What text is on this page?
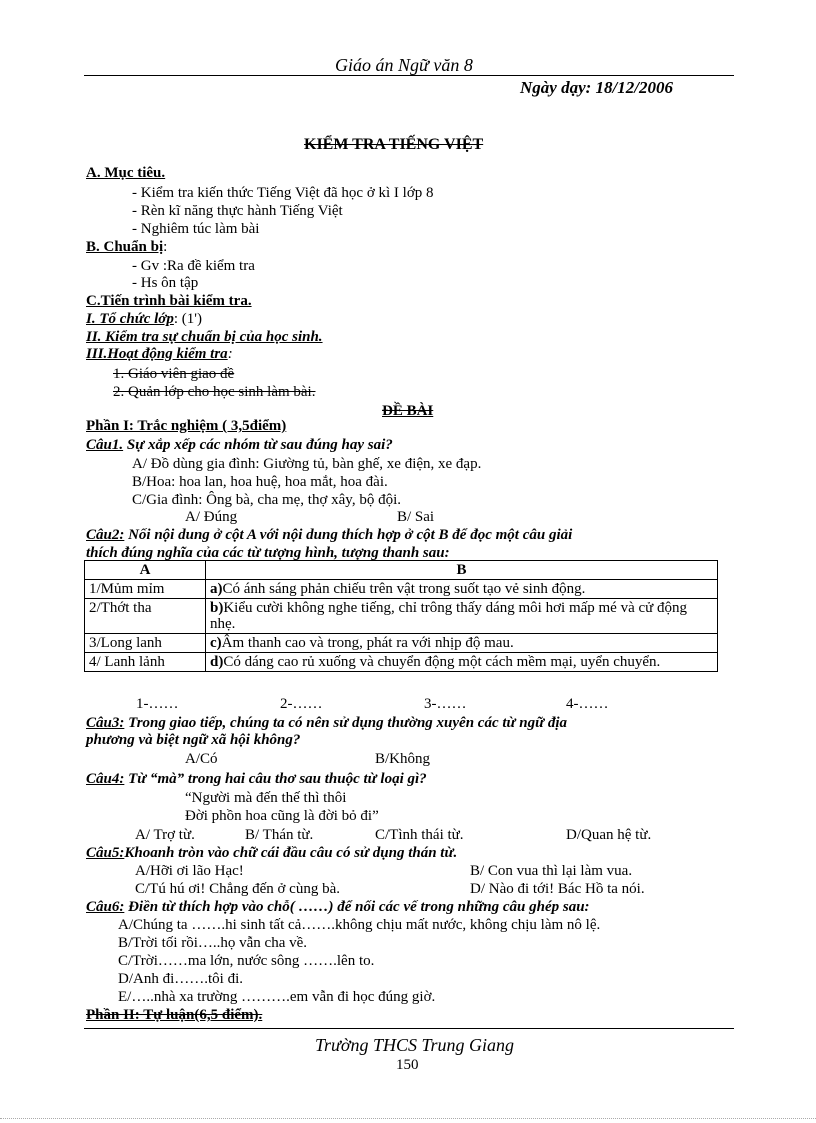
Giáo án Ngữ văn 8
Ngày dạy: 18/12/2006
KIỂM TRA TIẾNG VIỆT
A. Mục tiêu.
- Kiểm tra kiến thức Tiếng Việt đã học ở kì I lớp 8
- Rèn kĩ năng thực hành Tiếng Việt
- Nghiêm túc làm bài
B. Chuẩn bị:
- Gv :Ra đề kiểm tra
- Hs ôn tập
C.Tiến trình bài kiểm tra.
I. Tổ chức lớp: (1')
II. Kiểm tra sự chuẩn bị của học sinh.
III.Hoạt động kiểm tra:
1. Giáo viên giao đề
2. Quản lớp cho học sinh làm bài.
ĐỀ BÀI
Phần I: Trắc nghiệm ( 3,5điểm)
Câu1. Sự xắp xếp các nhóm từ sau đúng hay sai?
A/ Đồ dùng gia đình: Giường tủ, bàn ghế, xe điện, xe đạp.
B/Hoa: hoa lan, hoa huệ, hoa mắt, hoa đài.
C/Gia đình: Ông bà, cha mẹ, thợ xây, bộ đội.
A/ Đúng	B/ Sai
Câu2: Nối nội dung ở cột A với nội dung thích hợp ở cột B để đọc một câu giải
thích đúng nghĩa của các từ tượng hình, tượng thanh sau:
A	B
1/Mủm mỉm	a)Có ánh sáng phản chiếu trên vật trong suốt tạo vẻ sinh động.
2/Thớt tha	b)Kiểu cười không nghe tiếng, chỉ trông thấy dáng môi hơi mấp mé và cử động nhẹ.
3/Long lanh	c)Âm thanh cao và trong, phát ra với nhịp độ mau.
4/ Lanh lảnh	d)Có dáng cao rủ xuống và chuyển động một cách mềm mại, uyển chuyển.
1-……	2-……	3-……	4-……
Câu3: Trong giao tiếp, chúng ta có nên sử dụng thường xuyên các từ ngữ địa
phương và biệt ngữ xã hội không?
A/Có	B/Không
Câu4: Từ “mà” trong hai câu thơ sau thuộc từ loại gì?
“Người mà đến thế thì thôi
Đời phồn hoa cũng là đời bỏ đi”
A/ Trợ từ.	B/ Thán từ.	C/Tình thái từ.	D/Quan hệ từ.
Câu5:Khoanh tròn vào chữ cái đầu câu có sử dụng thán từ.
A/Hỡi ơi lão Hạc!	B/ Con vua thì lại làm vua.
C/Tú hú ơi! Chẳng đến ở cùng bà.	D/ Nào đi tới! Bác Hồ ta nói.
Câu6: Điền từ thích hợp vào chỗ( ……) để nối các vế trong những câu ghép sau:
A/Chúng ta …….hi sinh tất cả…….không chịu mất nước, không chịu làm nô lệ.
B/Trời tối rồi…..họ vẫn cha về.
C/Trời……ma lớn, nước sông …….lên to.
D/Anh đi…….tôi đi.
E/…..nhà xa trường ……….em vẫn đi học đúng giờ.
Phần II: Tự luận(6,5 điểm).
Trường THCS Trung Giang
150
